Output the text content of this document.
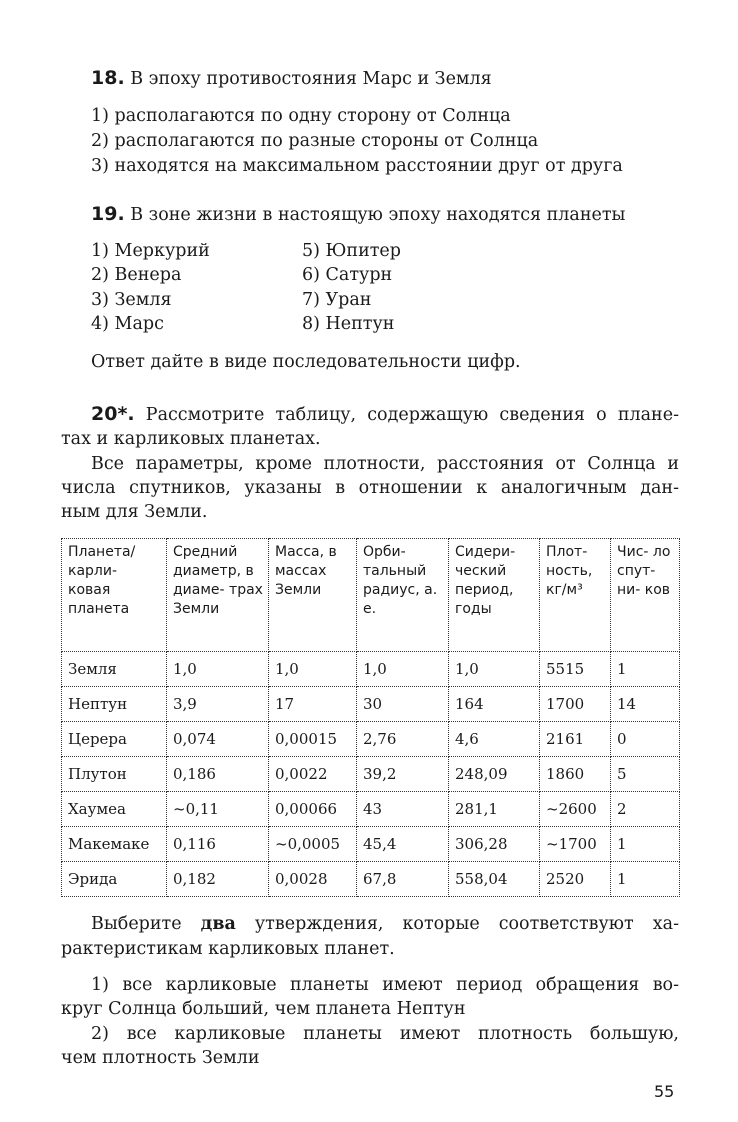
18. В эпоху противостояния Марс и Земля
1) располагаются по одну сторону от Солнца
2) располагаются по разные стороны от Солнца
3) находятся на максимальном расстоянии друг от друга
19. В зоне жизни в настоящую эпоху находятся планеты
1) Меркурий
2) Венера
3) Земля
4) Марс
5) Юпитер
6) Сатурн
7) Уран
8) Нептун
Ответ дайте в виде последовательности цифр.
20*. Рассмотрите таблицу, содержащую сведения о плане-
тах и карликовых планетах.
Все параметры, кроме плотности, расстояния от Солнца и
числа спутников, указаны в отношении к аналогичным дан-
ным для Земли.
Планета/ карли- ковая планета	Средний диаметр, в диаме- трах Земли	Масса, в массах Земли	Орби- тальный радиус, а. е.	Сидери- ческий период, годы	Плот- ность, кг/м³	Чис- ло спут- ни- ков
Земля	1,0	1,0	1,0	1,0	5515	1
Нептун	3,9	17	30	164	1700	14
Церера	0,074	0,00015	2,76	4,6	2161	0
Плутон	0,186	0,0022	39,2	248,09	1860	5
Хаумеа	~0,11	0,00066	43	281,1	~2600	2
Макемаке	0,116	~0,0005	45,4	306,28	~1700	1
Эрида	0,182	0,0028	67,8	558,04	2520	1
Выберите два утверждения, которые соответствуют ха-
рактеристикам карликовых планет.
1) все карликовые планеты имеют период обращения во-
круг Солнца больший, чем планета Нептун
2) все карликовые планеты имеют плотность большую,
чем плотность Земли
55
